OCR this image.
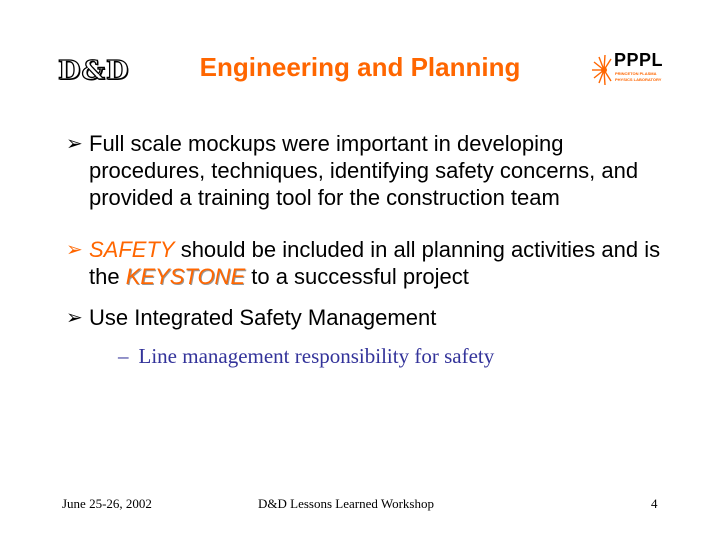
D&D	Engineering and Planning	PPPL
PRINCETON PLASMA
PHYSICS LABORATORY
➢ Full scale mockups were important in developing procedures, techniques, identifying safety concerns, and provided a training tool for the construction team
➢ SAFETY should be included in all planning activities and is the KEYSTONE to a successful project
➢ Use Integrated Safety Management
– Line management responsibility for safety
June 25-26, 2002	D&D Lessons Learned Workshop	4
